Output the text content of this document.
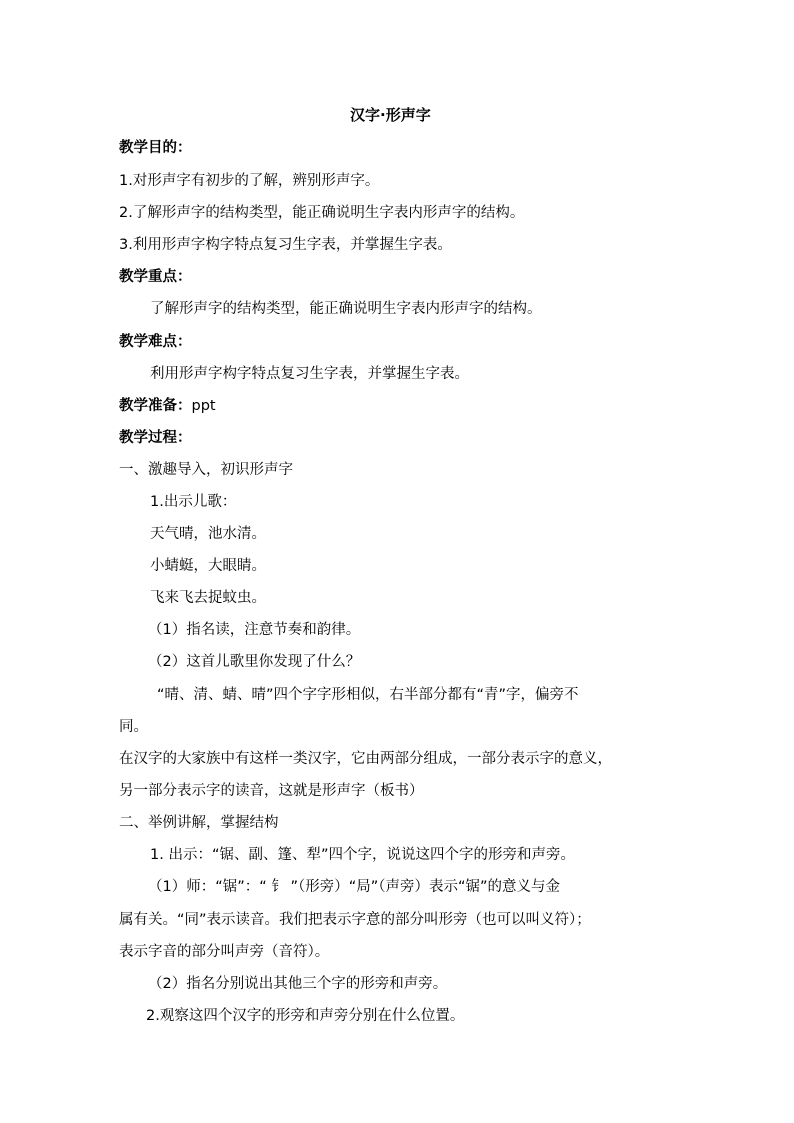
汉字·形声字
教学目的：
1.对形声字有初步的了解，辨别形声字。
2.了解形声字的结构类型，能正确说明生字表内形声字的结构。
3.利用形声字构字特点复习生字表，并掌握生字表。
教学重点：
了解形声字的结构类型，能正确说明生字表内形声字的结构。
教学难点：
利用形声字构字特点复习生字表，并掌握生字表。
教学准备：ppt
教学过程：
一、激趣导入，初识形声字
1.出示儿歌：
天气晴，池水清。
小蜻蜓，大眼睛。
飞来飞去捉蚊虫。
（1）指名读，注意节奏和韵律。
（2）这首儿歌里你发现了什么？
“晴、清、蜻、晴”四个字字形相似，右半部分都有“青”字，偏旁不
同。
在汉字的大家族中有这样一类汉字，它由两部分组成，一部分表示字的意义，
另一部分表示字的读音，这就是形声字（板书）
二、举例讲解，掌握结构
1. 出示：“锯、副、篷、犁”四个字，说说这四个字的形旁和声旁。
（1）师：“锯”：“ 钅 ”（形旁）“局”（声旁）表示“锯”的意义与金
属有关。“同”表示读音。我们把表示字意的部分叫形旁（也可以叫义符）；
表示字音的部分叫声旁（音符）。
（2）指名分别说出其他三个字的形旁和声旁。
2.观察这四个汉字的形旁和声旁分别在什么位置。
